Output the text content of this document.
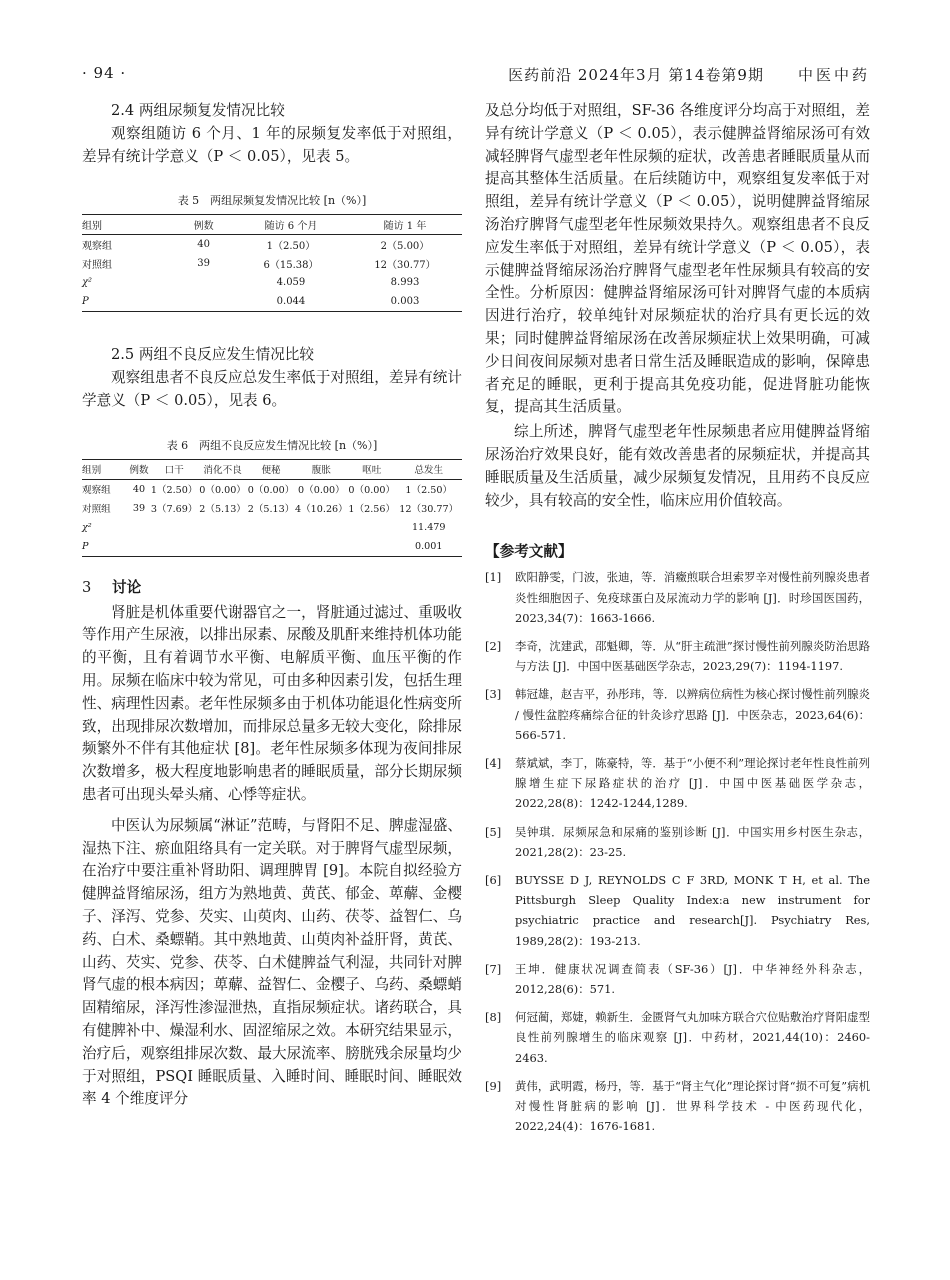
· 94 ·	医药前沿 2024年3月 第14卷第9期 中医中药

2.4 两组尿频复发情况比较

观察组随访 6 个月、1 年的尿频复发率低于对照组，差异有统计学意义（P ＜ 0.05），见表 5。

表 5　两组尿频复发情况比较 [n（%）]
组别	例数	随访 6 个月	随访 1 年
观察组	40	1（2.50）	2（5.00）
对照组	39	6（15.38）	12（30.77）
χ²		4.059	8.993
P		0.044	0.003

2.5 两组不良反应发生情况比较

观察组患者不良反应总发生率低于对照组，差异有统计学意义（P ＜ 0.05），见表 6。

表 6　两组不良反应发生情况比较 [n（%）]
组别	例数	口干	消化不良	便秘	腹胀	呕吐	总发生
观察组	40	1（2.50）	0（0.00）	0（0.00）	0（0.00）	0（0.00）	1（2.50）
对照组	39	3（7.69）	2（5.13）	2（5.13）	4（10.26）	1（2.56）	12（30.77）
χ²							11.479
P							0.001
3 讨论

肾脏是机体重要代谢器官之一，肾脏通过滤过、重吸收等作用产生尿液，以排出尿素、尿酸及肌酐来维持机体功能的平衡，且有着调节水平衡、电解质平衡、血压平衡的作用。尿频在临床中较为常见，可由多种因素引发，包括生理性、病理性因素。老年性尿频多由于机体功能退化性病变所致，出现排尿次数增加，而排尿总量多无较大变化，除排尿频繁外不伴有其他症状 [8]。老年性尿频多体现为夜间排尿次数增多，极大程度地影响患者的睡眠质量，部分长期尿频患者可出现头晕头痛、心悸等症状。

中医认为尿频属“淋证”范畴，与肾阳不足、脾虚湿盛、湿热下注、瘀血阻络具有一定关联。对于脾肾气虚型尿频，在治疗中要注重补肾助阳、调理脾胃 [9]。本院自拟经验方健脾益肾缩尿汤，组方为熟地黄、黄芪、郁金、萆薢、金樱子、泽泻、党参、芡实、山萸肉、山药、茯苓、益智仁、乌药、白术、桑螵鞘。其中熟地黄、山萸肉补益肝肾，黄芪、山药、芡实、党参、茯苓、白术健脾益气利湿，共同针对脾肾气虚的根本病因；萆薢、益智仁、金樱子、乌药、桑螵蛸固精缩尿，泽泻性渗湿泄热，直指尿频症状。诸药联合，具有健脾补中、燥湿利水、固涩缩尿之效。本研究结果显示，治疗后，观察组排尿次数、最大尿流率、膀胱残余尿量均少于对照组，PSQI 睡眠质量、入睡时间、睡眠时间、睡眠效率 4 个维度评分

及总分均低于对照组，SF-36 各维度评分均高于对照组，差异有统计学意义（P ＜ 0.05），表示健脾益肾缩尿汤可有效减轻脾肾气虚型老年性尿频的症状，改善患者睡眠质量从而提高其整体生活质量。在后续随访中，观察组复发率低于对照组，差异有统计学意义（P ＜ 0.05），说明健脾益肾缩尿汤治疗脾肾气虚型老年性尿频效果持久。观察组患者不良反应发生率低于对照组，差异有统计学意义（P ＜ 0.05），表示健脾益肾缩尿汤治疗脾肾气虚型老年性尿频具有较高的安全性。分析原因：健脾益肾缩尿汤可针对脾肾气虚的本质病因进行治疗，较单纯针对尿频症状的治疗具有更长远的效果；同时健脾益肾缩尿汤在改善尿频症状上效果明确，可减少日间夜间尿频对患者日常生活及睡眠造成的影响，保障患者充足的睡眠，更利于提高其免疫功能，促进肾脏功能恢复，提高其生活质量。

综上所述，脾肾气虚型老年性尿频患者应用健脾益肾缩尿汤治疗效果良好，能有效改善患者的尿频症状，并提高其睡眠质量及生活质量，减少尿频复发情况，且用药不良反应较少，具有较高的安全性，临床应用价值较高。

【参考文献】
[1]	欧阳静雯，门波，张迪，等．消癥煎联合坦索罗辛对慢性前列腺炎患者炎性细胞因子、免疫球蛋白及尿流动力学的影响 [J]．时珍国医国药，2023,34(7)：1663-1666.
[2]	李奇，沈建武，邵魁卿，等．从“肝主疏泄”探讨慢性前列腺炎防治思路与方法 [J]．中国中医基础医学杂志，2023,29(7)：1194-1197.
[3]	韩冠雄，赵吉平，孙彤玮，等．以辨病位病性为核心探讨慢性前列腺炎 / 慢性盆腔疼痛综合征的针灸诊疗思路 [J]．中医杂志，2023,64(6)：566-571.
[4]	蔡斌斌，李丁，陈豪特，等．基于“小便不利”理论探讨老年性良性前列腺增生症下尿路症状的治疗 [J]．中国中医基础医学杂志，2022,28(8)：1242-1244,1289.
[5]	吴钟琪．尿频尿急和尿痛的鉴别诊断 [J]．中国实用乡村医生杂志，2021,28(2)：23-25.
[6]	BUYSSE D J, REYNOLDS C F 3RD, MONK T H, et al. The Pittsburgh Sleep Quality Index:a new instrument for psychiatric practice and research[J]. Psychiatry Res, 1989,28(2)：193-213.
[7]	王坤．健康状况调查简表（SF-36）[J]．中华神经外科杂志，2012,28(6)：571.
[8]	何冠蔺，郑婕，赖新生．金匮肾气丸加味方联合穴位贴敷治疗肾阳虚型良性前列腺增生的临床观察 [J]．中药材，2021,44(10)：2460-2463.
[9]	黄伟，武明霞，杨丹，等．基于“肾主气化”理论探讨肾“损不可复”病机对慢性肾脏病的影响 [J]．世界科学技术 - 中医药现代化，2022,24(4)：1676-1681.
